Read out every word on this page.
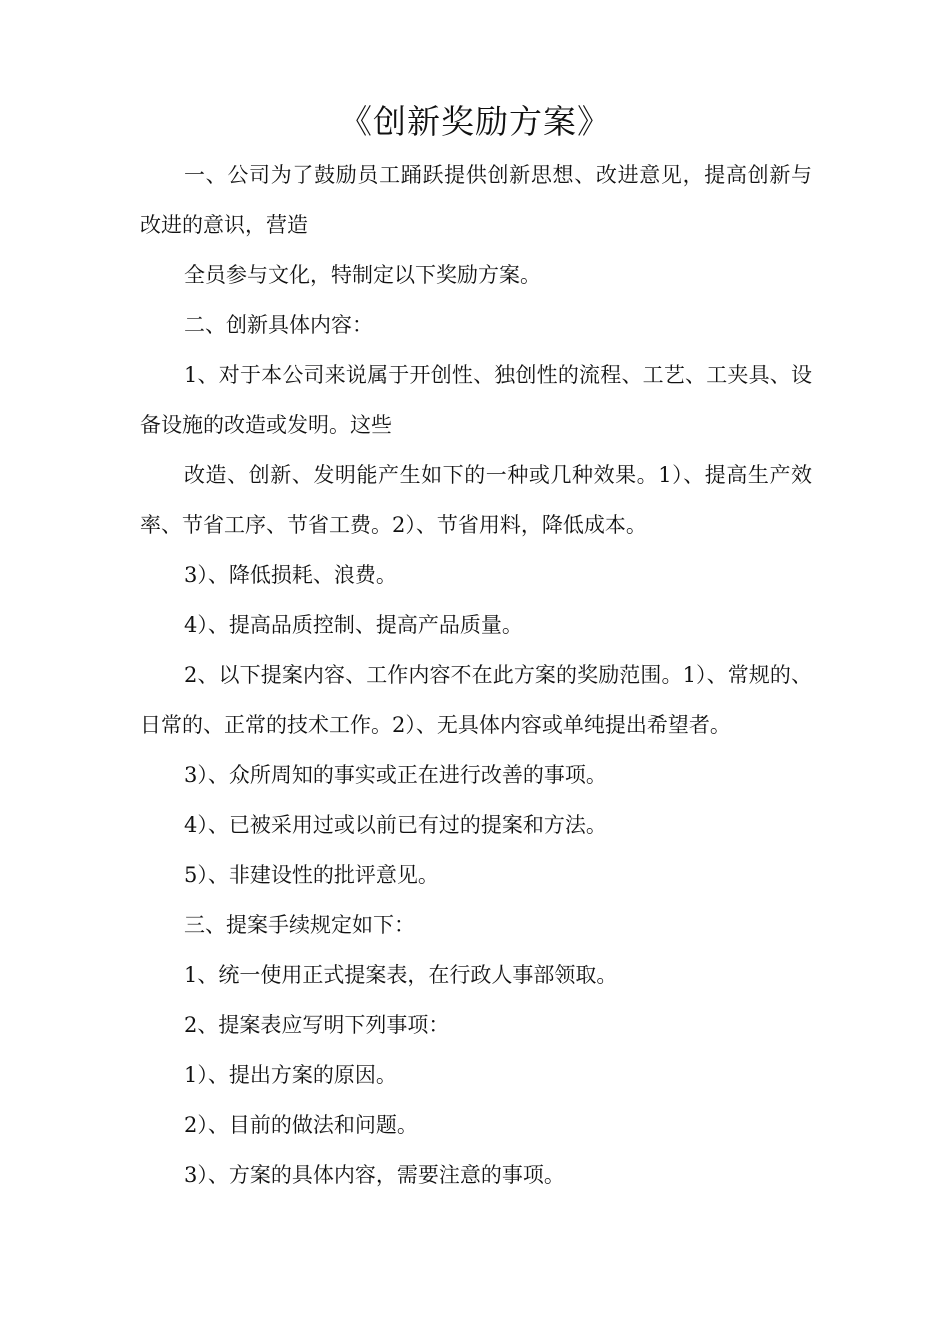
《创新奖励方案》

一、公司为了鼓励员工踊跃提供创新思想、改进意见，提高创新与改进的意识，营造

全员参与文化，特制定以下奖励方案。

二、创新具体内容：

1、对于本公司来说属于开创性、独创性的流程、工艺、工夹具、设备设施的改造或发明。这些

改造、创新、发明能产生如下的一种或几种效果。1）、提高生产效率、节省工序、节省工费。2）、节省用料，降低成本。

3）、降低损耗、浪费。

4）、提高品质控制、提高产品质量。

2、以下提案内容、工作内容不在此方案的奖励范围。1）、常规的、日常的、正常的技术工作。2）、无具体内容或单纯提出希望者。

3）、众所周知的事实或正在进行改善的事项。

4）、已被采用过或以前已有过的提案和方法。

5）、非建设性的批评意见。

三、提案手续规定如下：

1、统一使用正式提案表，在行政人事部领取。

2、提案表应写明下列事项：

1）、提出方案的原因。

2）、目前的做法和问题。

3）、方案的具体内容，需要注意的事项。
